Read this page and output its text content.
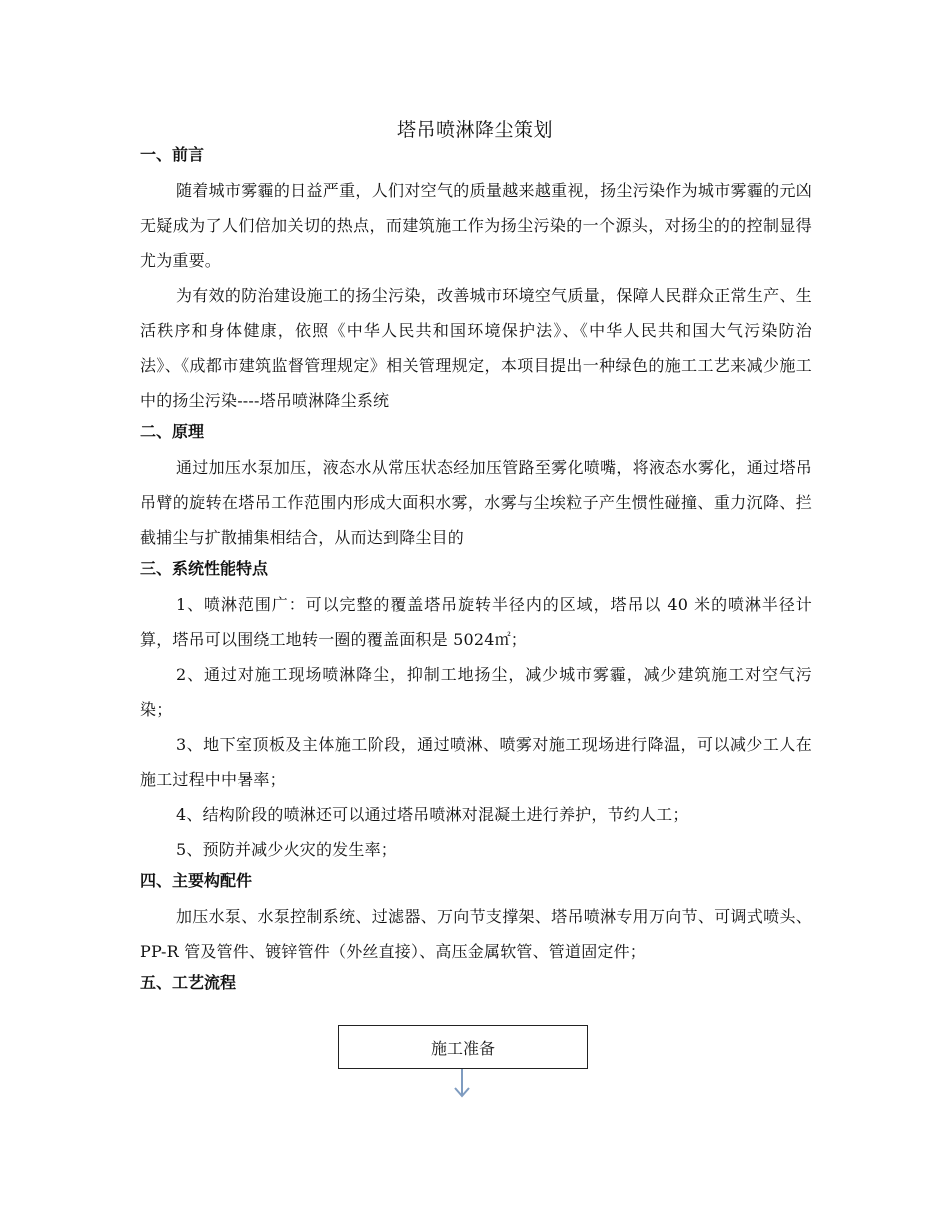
塔吊喷淋降尘策划
一、前言

随着城市雾霾的日益严重，人们对空气的质量越来越重视，扬尘污染作为城市雾霾的元凶无疑成为了人们倍加关切的热点，而建筑施工作为扬尘污染的一个源头，对扬尘的的控制显得尤为重要。

为有效的防治建设施工的扬尘污染，改善城市环境空气质量，保障人民群众正常生产、生活秩序和身体健康，依照《中华人民共和国环境保护法》、《中华人民共和国大气污染防治法》、《成都市建筑监督管理规定》相关管理规定，本项目提出一种绿色的施工工艺来减少施工中的扬尘污染----塔吊喷淋降尘系统

二、原理

通过加压水泵加压，液态水从常压状态经加压管路至雾化喷嘴，将液态水雾化，通过塔吊吊臂的旋转在塔吊工作范围内形成大面积水雾，水雾与尘埃粒子产生惯性碰撞、重力沉降、拦截捕尘与扩散捕集相结合，从而达到降尘目的

三、系统性能特点

1、喷淋范围广：可以完整的覆盖塔吊旋转半径内的区域，塔吊以 40 米的喷淋半径计算，塔吊可以围绕工地转一圈的覆盖面积是 5024㎡；

2、通过对施工现场喷淋降尘，抑制工地扬尘，减少城市雾霾，减少建筑施工对空气污染；

3、地下室顶板及主体施工阶段，通过喷淋、喷雾对施工现场进行降温，可以减少工人在施工过程中中暑率；

4、结构阶段的喷淋还可以通过塔吊喷淋对混凝土进行养护，节约人工；

5、预防并减少火灾的发生率；

四、主要构配件

加压水泵、水泵控制系统、过滤器、万向节支撑架、塔吊喷淋专用万向节、可调式喷头、PP-R 管及管件、镀锌管件（外丝直接）、高压金属软管、管道固定件；

五、工艺流程
施工准备
